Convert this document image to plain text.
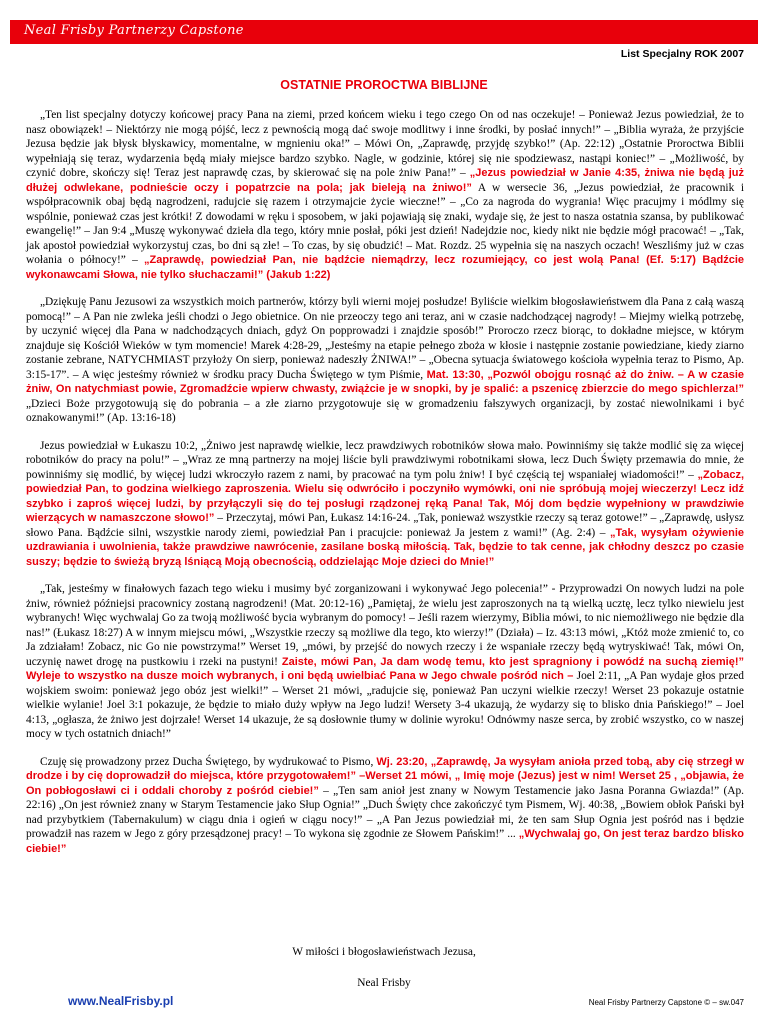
Neal Frisby Partnerzy Capstone
List Specjalny ROK 2007
OSTATNIE PROROCTWA BIBLIJNE

„Ten list specjalny dotyczy końcowej pracy Pana na ziemi, przed końcem wieku i tego czego On od nas oczekuje! – Ponieważ Jezus powiedział, że to nasz obowiązek! – Niektórzy nie mogą pójść, lecz z pewnością mogą dać swoje modlitwy i inne środki, by posłać innych!” – „Biblia wyraża, że przyjście Jezusa będzie jak błysk błyskawicy, momentalne, w mgnieniu oka!” – Mówi On, „Zaprawdę, przyjdę szybko!” (Ap. 22:12) „Ostatnie Proroctwa Biblii wypełniają się teraz, wydarzenia będą miały miejsce bardzo szybko. Nagle, w godzinie, której się nie spodziewasz, nastąpi koniec!” – „Możliwość, by czynić dobre, skończy się! Teraz jest naprawdę czas, by skierować się na pole żniw Pana!” – „Jezus powiedział w Janie 4:35, żniwa nie będą już dłużej odwlekane, podnieście oczy i popatrzcie na pola; jak bieleją na żniwo!” A w wersecie 36, „Jezus powiedział, że pracownik i współpracownik obaj będą nagrodzeni, radujcie się razem i otrzymajcie życie wieczne!” – „Co za nagroda do wygrania! Więc pracujmy i módlmy się wspólnie, ponieważ czas jest krótki! Z dowodami w ręku i sposobem, w jaki pojawiają się znaki, wydaje się, że jest to nasza ostatnia szansa, by publikować ewangelię!” – Jan 9:4 „Muszę wykonywać dzieła dla tego, który mnie posłał, póki jest dzień! Nadejdzie noc, kiedy nikt nie będzie mógł pracować! – „Tak, jak apostoł powiedział wykorzystuj czas, bo dni są złe! – To czas, by się obudzić! – Mat. Rozdz. 25 wypełnia się na naszych oczach! Weszliśmy już w czas wołania o północy!” – „Zaprawdę, powiedział Pan, nie bądźcie niemądrzy, lecz rozumiejący, co jest wolą Pana! (Ef. 5:17) Bądźcie wykonawcami Słowa, nie tylko słuchaczami!” (Jakub 1:22)

„Dziękuję Panu Jezusowi za wszystkich moich partnerów, którzy byli wierni mojej posłudze! Byliście wielkim błogosławieństwem dla Pana z całą waszą pomocą!” – A Pan nie zwleka jeśli chodzi o Jego obietnice. On nie przeoczy tego ani teraz, ani w czasie nadchodzącej nagrody! – Miejmy wielką potrzebę, by uczynić więcej dla Pana w nadchodzących dniach, gdyż On popprowadzi i znajdzie sposób!” Proroczo rzecz biorąc, to dokładne miejsce, w którym znajduje się Kościół Wieków w tym momencie! Marek 4:28-29, „Jesteśmy na etapie pełnego zboża w kłosie i następnie zostanie powiedziane, kiedy ziarno zostanie zebrane, NATYCHMIAST przyłoży On sierp, ponieważ nadeszły ŻNIWA!” – „Obecna sytuacja światowego kościoła wypełnia teraz to Pismo, Ap. 3:15-17”. – A więc jesteśmy również w środku pracy Ducha Świętego w tym Piśmie, Mat. 13:30, „Pozwól obojgu rosnąć aż do żniw. – A w czasie żniw, On natychmiast powie, Zgromadźcie wpierw chwasty, zwiążcie je w snopki, by je spalić: a pszenicę zbierzcie do mego spichlerza!” „Dzieci Boże przygotowują się do pobrania – a złe ziarno przygotowuje się w gromadzeniu fałszywych organizacji, by zostać niewolnikami i być oznakowanymi!” (Ap. 13:16-18)

Jezus powiedział w Łukaszu 10:2, „Żniwo jest naprawdę wielkie, lecz prawdziwych robotników słowa mało. Powinniśmy się także modlić się za więcej robotników do pracy na polu!” – „Wraz ze mną partnerzy na mojej liście byli prawdziwymi robotnikami słowa, lecz Duch Święty przemawia do mnie, że powinniśmy się modlić, by więcej ludzi wkroczyło razem z nami, by pracować na tym polu żniw! I być częścią tej wspaniałej wiadomości!” – „Zobacz, powiedział Pan, to godzina wielkiego zaproszenia. Wielu się odwróciło i poczyniło wymówki, oni nie spróbują mojej wieczerzy! Lecz idź szybko i zaproś więcej ludzi, by przyłączyli się do tej posługi rządzonej ręką Pana! Tak, Mój dom będzie wypełniony w prawdziwie wierzących w namaszczone słowo!” – Przeczytaj, mówi Pan, Łukasz 14:16-24. „Tak, ponieważ wszystkie rzeczy są teraz gotowe!” – „Zaprawdę, usłysz słowo Pana. Bądźcie silni, wszystkie narody ziemi, powiedział Pan i pracujcie: ponieważ Ja jestem z wami!” (Ag. 2:4) – „Tak, wysyłam ożywienie uzdrawiania i uwolnienia, także prawdziwe nawrócenie, zasilane boską miłością. Tak, będzie to tak cenne, jak chłodny deszcz po czasie suszy; będzie to świeżą bryzą lśniącą Moją obecnością, oddzielając Moje dzieci do Mnie!”

„Tak, jesteśmy w finałowych fazach tego wieku i musimy być zorganizowani i wykonywać Jego polecenia!” - Przyprowadzi On nowych ludzi na pole żniw, również późniejsi pracownicy zostaną nagrodzeni! (Mat. 20:12-16) „Pamiętaj, że wielu jest zaproszonych na tą wielką ucztę, lecz tylko niewielu jest wybranych! Więc wychwalaj Go za twoją możliwość bycia wybranym do pomocy! – Jeśli razem wierzymy, Biblia mówi, to nic niemożliwego nie będzie dla nas!” (Łukasz 18:27) A w innym miejscu mówi, „Wszystkie rzeczy są możliwe dla tego, kto wierzy!” (Działa) – Iz. 43:13 mówi, „Któż może zmienić to, co Ja zdziałam! Zobacz, nic Go nie powstrzyma!” Werset 19, „mówi, by przejść do nowych rzeczy i że wspaniałe rzeczy będą wytryskiwać! Tak, mówi On, uczynię nawet drogę na pustkowiu i rzeki na pustyni! Zaiste, mówi Pan, Ja dam wodę temu, kto jest spragniony i powódź na suchą ziemię!” Wyleje to wszystko na dusze moich wybranych, i oni będą uwielbiać Pana w Jego chwale pośród nich – Joel 2:11, „A Pan wydaje głos przed wojskiem swoim: ponieważ jego obóz jest wielki!” – Werset 21 mówi, „radujcie się, ponieważ Pan uczyni wielkie rzeczy! Werset 23 pokazuje ostatnie wielkie wylanie! Joel 3:1 pokazuje, że będzie to miało duży wpływ na Jego ludzi! Wersety 3-4 ukazują, że wydarzy się to blisko dnia Pańskiego!” – Joel 4:13, „ogłasza, że żniwo jest dojrzałe! Werset 14 ukazuje, że są dosłownie tłumy w dolinie wyroku! Odnówmy nasze serca, by zrobić wszystko, co w naszej mocy w tych ostatnich dniach!”

Czuję się prowadzony przez Ducha Świętego, by wydrukować to Pismo, Wj. 23:20, „Zaprawdę, Ja wysyłam anioła przed tobą, aby cię strzegł w drodze i by cię doprowadził do miejsca, które przygotowałem!” –Werset 21 mówi, „ Imię moje (Jezus) jest w nim! Werset 25 , „objawia, że On pobłogosławi ci i oddali choroby z pośród ciebie!” – „Ten sam anioł jest znany w Nowym Testamencie jako Jasna Poranna Gwiazda!” (Ap. 22:16) „On jest również znany w Starym Testamencie jako Słup Ognia!” „Duch Święty chce zakończyć tym Pismem, Wj. 40:38, „Bowiem obłok Pański był nad przybytkiem (Tabernakulum) w ciągu dnia i ogień w ciągu nocy!” – „A Pan Jezus powiedział mi, że ten sam Słup Ognia jest pośród nas i będzie prowadził nas razem w Jego z góry przesądzonej pracy! – To wykona się zgodnie ze Słowem Pańskim!” ... „Wychwalaj go, On jest teraz bardzo blisko ciebie!”

W miłości i błogosławieństwach Jezusa,
Neal Frisby
www.NealFrisby.pl	Neal Frisby Partnerzy Capstone © – sw.047
